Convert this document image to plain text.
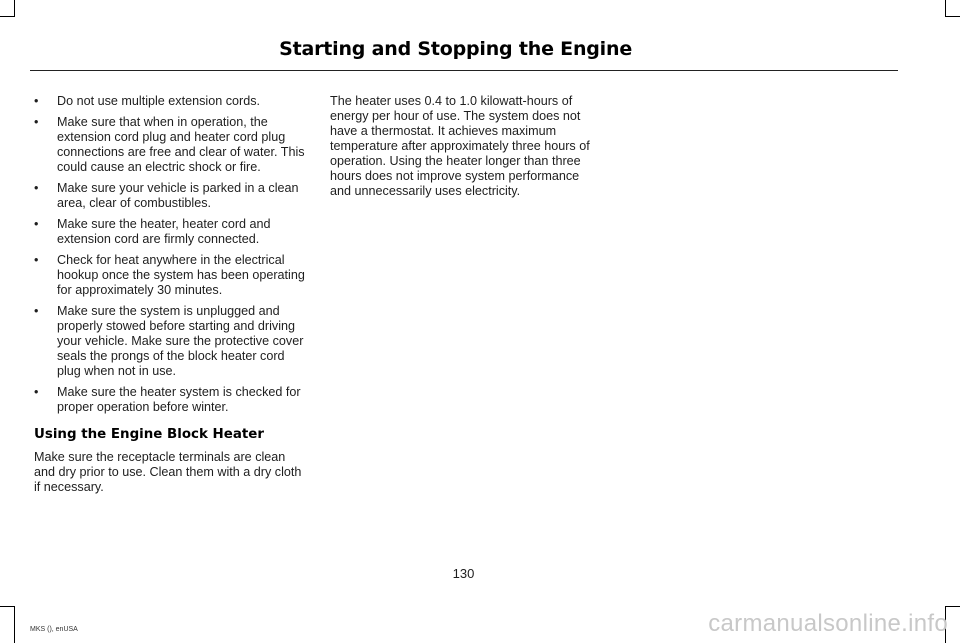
Starting and Stopping the Engine
• Do not use multiple extension cords.
• Make sure that when in operation, the extension cord plug and heater cord plug connections are free and clear of water. This could cause an electric shock or fire.
• Make sure your vehicle is parked in a clean area, clear of combustibles.
• Make sure the heater, heater cord and extension cord are firmly connected.
• Check for heat anywhere in the electrical hookup once the system has been operating for approximately 30 minutes.
• Make sure the system is unplugged and properly stowed before starting and driving your vehicle. Make sure the protective cover seals the prongs of the block heater cord plug when not in use.
• Make sure the heater system is checked for proper operation before winter.
Using the Engine Block Heater

Make sure the receptacle terminals are clean and dry prior to use. Clean them with a dry cloth if necessary.

The heater uses 0.4 to 1.0 kilowatt-hours of energy per hour of use. The system does not have a thermostat. It achieves maximum temperature after approximately three hours of operation. Using the heater longer than three hours does not improve system performance and unnecessarily uses electricity.

130
MKS (), enUSA	carmanualsonline.info
